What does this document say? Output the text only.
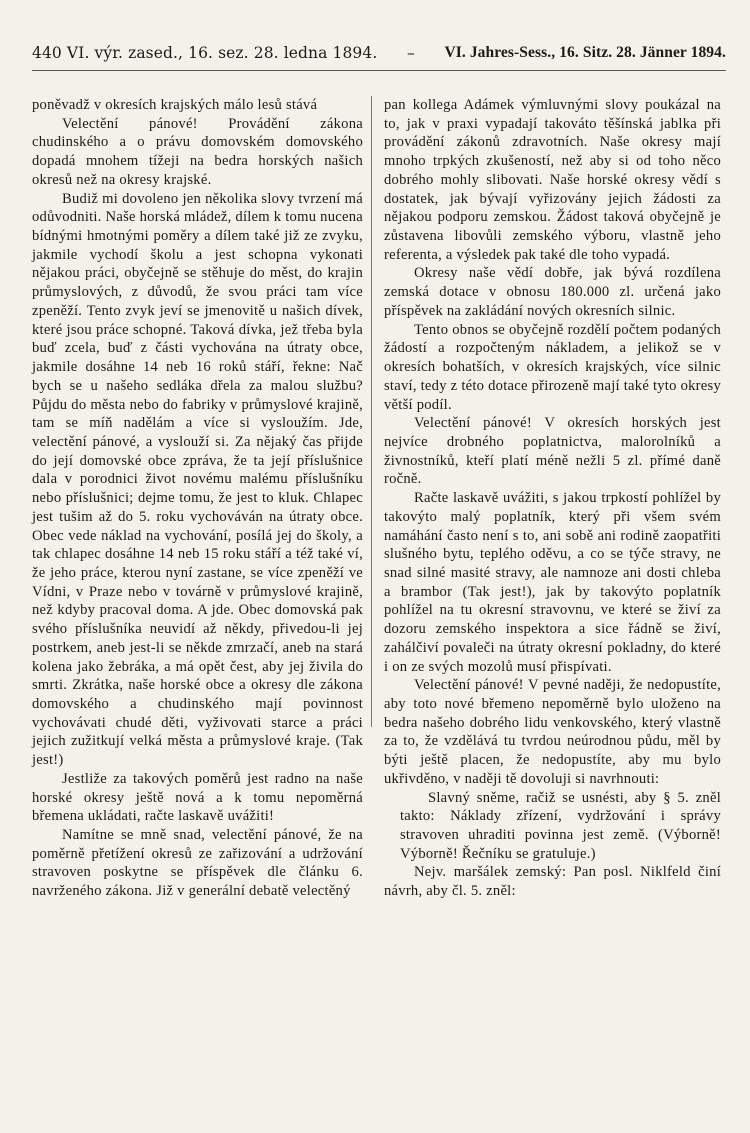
440 VI. výr. zased., 16. sez. 28. ledna 1894. – VI. Jahres-Sess., 16. Sitz. 28. Jänner 1894.

poněvadž v okresích krajských málo lesů stává

Velectění pánové! Provádění zákona chudinského a o právu domovském domovského dopadá mnohem tížeji na bedra horských našich okresů než na okresy krajské.

Budiž mi dovoleno jen několika slovy tvrzení má odůvodniti. Naše horská mládež, dílem k tomu nucena bídnými hmotnými poměry a dílem také již ze zvyku, jakmile vychodí školu a jest schopna vykonati nějakou práci, obyčejně se stěhuje do měst, do krajin průmyslových, z důvodů, že svou práci tam více zpeněží. Tento zvyk jeví se jmenovitě u našich dívek, které jsou práce schopné. Taková dívka, jež třeba byla buď zcela, buď z části vychována na útraty obce, jakmile dosáhne 14 neb 16 roků stáří, řekne: Nač bych se u našeho sedláka dřela za malou službu? Půjdu do města nebo do fabriky v průmyslové krajině, tam se míň nadělám a více si vysloužím. Jde, velectění pánové, a vyslouží si. Za nějaký čas přijde do její domovské obce zpráva, že ta její příslušnice dala v porodnici život novému malému příslušníku nebo příslušnici; dejme tomu, že jest to kluk. Chlapec jest tušim až do 5. roku vychováván na útraty obce. Obec vede náklad na vychování, posílá jej do školy, a tak chlapec dosáhne 14 neb 15 roku stáří a též také ví, že jeho práce, kterou nyní zastane, se více zpeněží ve Vídni, v Praze nebo v továrně v průmyslové krajině, než kdyby pracoval doma. A jde. Obec domovská pak svého příslušníka neuvidí až někdy, přivedou-li jej postrkem, aneb jest-li se někde zmrzačí, aneb na stará kolena jako žebráka, a má opět čest, aby jej živila do smrti. Zkrátka, naše horské obce a okresy dle zákona domovského a chudinského mají povinnost vychovávati chudé děti, vyživovati starce a práci jejich zužitkují velká města a průmyslové kraje. (Tak jest!)

Jestliže za takových poměrů jest radno na naše horské okresy ještě nová a k tomu nepoměrná břemena ukládati, račte laskavě uvážiti!

Namítne se mně snad, velectění pánové, že na poměrně přetížení okresů ze zařizování a udržování stravoven poskytne se příspěvek dle článku 6. navrženého zákona. Již v generální debatě velectěný

pan kollega Adámek výmluvnými slovy poukázal na to, jak v praxi vypadají takováto těšínská jablka při provádění zákonů zdravotních. Naše okresy mají mnoho trpkých zkušeností, než aby si od toho něco dobrého mohly slibovati. Naše horské okresy vědí s dostatek, jak bývají vyřizovány jejich žádosti za nějakou podporu zemskou. Žádost taková obyčejně je zůstavena libovůli zemského výboru, vlastně jeho referenta, a výsledek pak také dle toho vypadá.

Okresy naše vědí dobře, jak bývá rozdílena zemská dotace v obnosu 180.000 zl. určená jako příspěvek na zakládání nových okresních silnic.

Tento obnos se obyčejně rozdělí počtem podaných žádostí a rozpočteným nákladem, a jelikož se v okresích bohatších, v okresích krajských, více silnic staví, tedy z této dotace přirozeně mají také tyto okresy větší podíl.

Velectění pánové! V okresích horských jest nejvíce drobného poplatnictva, malorolníků a živnostníků, kteří platí méně nežli 5 zl. přímé daně ročně.

Račte laskavě uvážiti, s jakou trpkostí pohlížel by takovýto malý poplatník, který při všem svém namáhání často není s to, ani sobě ani rodině zaopatřiti slušného bytu, teplého oděvu, a co se týče stravy, ne snad silné masité stravy, ale namnoze ani dosti chleba a brambor (Tak jest!), jak by takovýto poplatník pohlížel na tu okresní stravovnu, ve které se živí za dozoru zemského inspektora a sice řádně se živí, zahálčiví povaleči na útraty okresní pokladny, do které i on ze svých mozolů musí přispívati.

Velectění pánové! V pevné naději, že nedopustíte, aby toto nové břemeno nepoměrně bylo uloženo na bedra našeho dobrého lidu venkovského, který vlastně za to, že vzdělává tu tvrdou neúrodnou půdu, měl by býti ještě placen, že nedopustíte, aby mu bylo ukřivděno, v naději tě dovoluji si navrhnouti:

Slavný sněme, račiž se usnésti, aby § 5. zněl takto: Náklady zřízení, vydržování i správy stravoven uhraditi povinna jest země. (Výborně! Výborně! Řečníku se gratuluje.)

Nejv. maršálek zemský: Pan posl. Niklfeld činí návrh, aby čl. 5. zněl:
